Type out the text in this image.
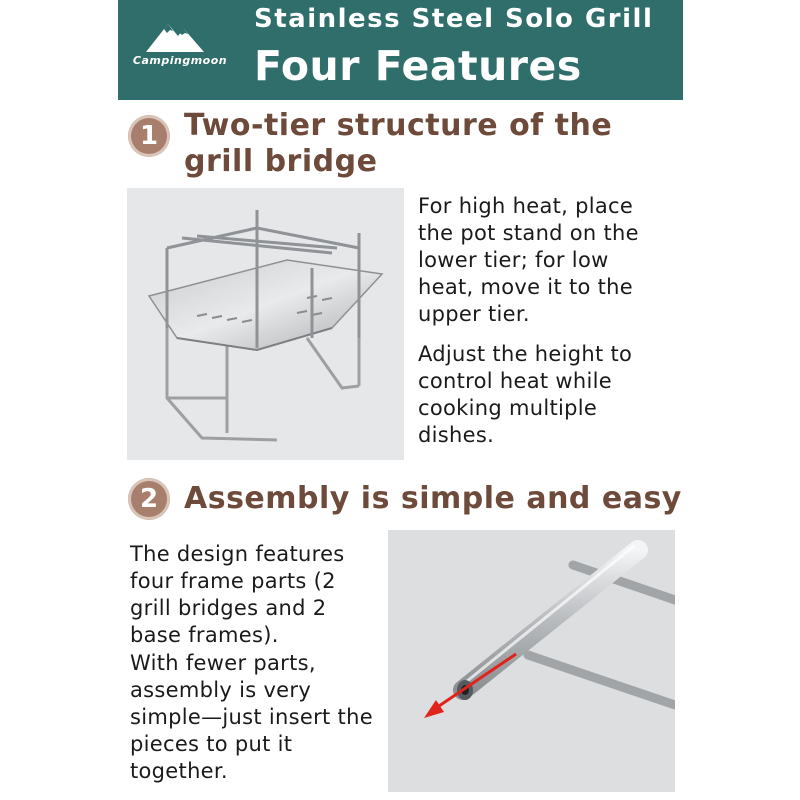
Campingmoon
Stainless Steel Solo Grill
Four Features
1 Two-tier structure of the
grill bridge

For high heat, place the pot stand on the lower tier; for low heat, move it to the upper tier.

Adjust the height to control heat while cooking multiple dishes.

2 Assembly is simple and easy

The design features four frame parts (2 grill bridges and 2 base frames).

With fewer parts, assembly is very simple—just insert the pieces to put it together.
